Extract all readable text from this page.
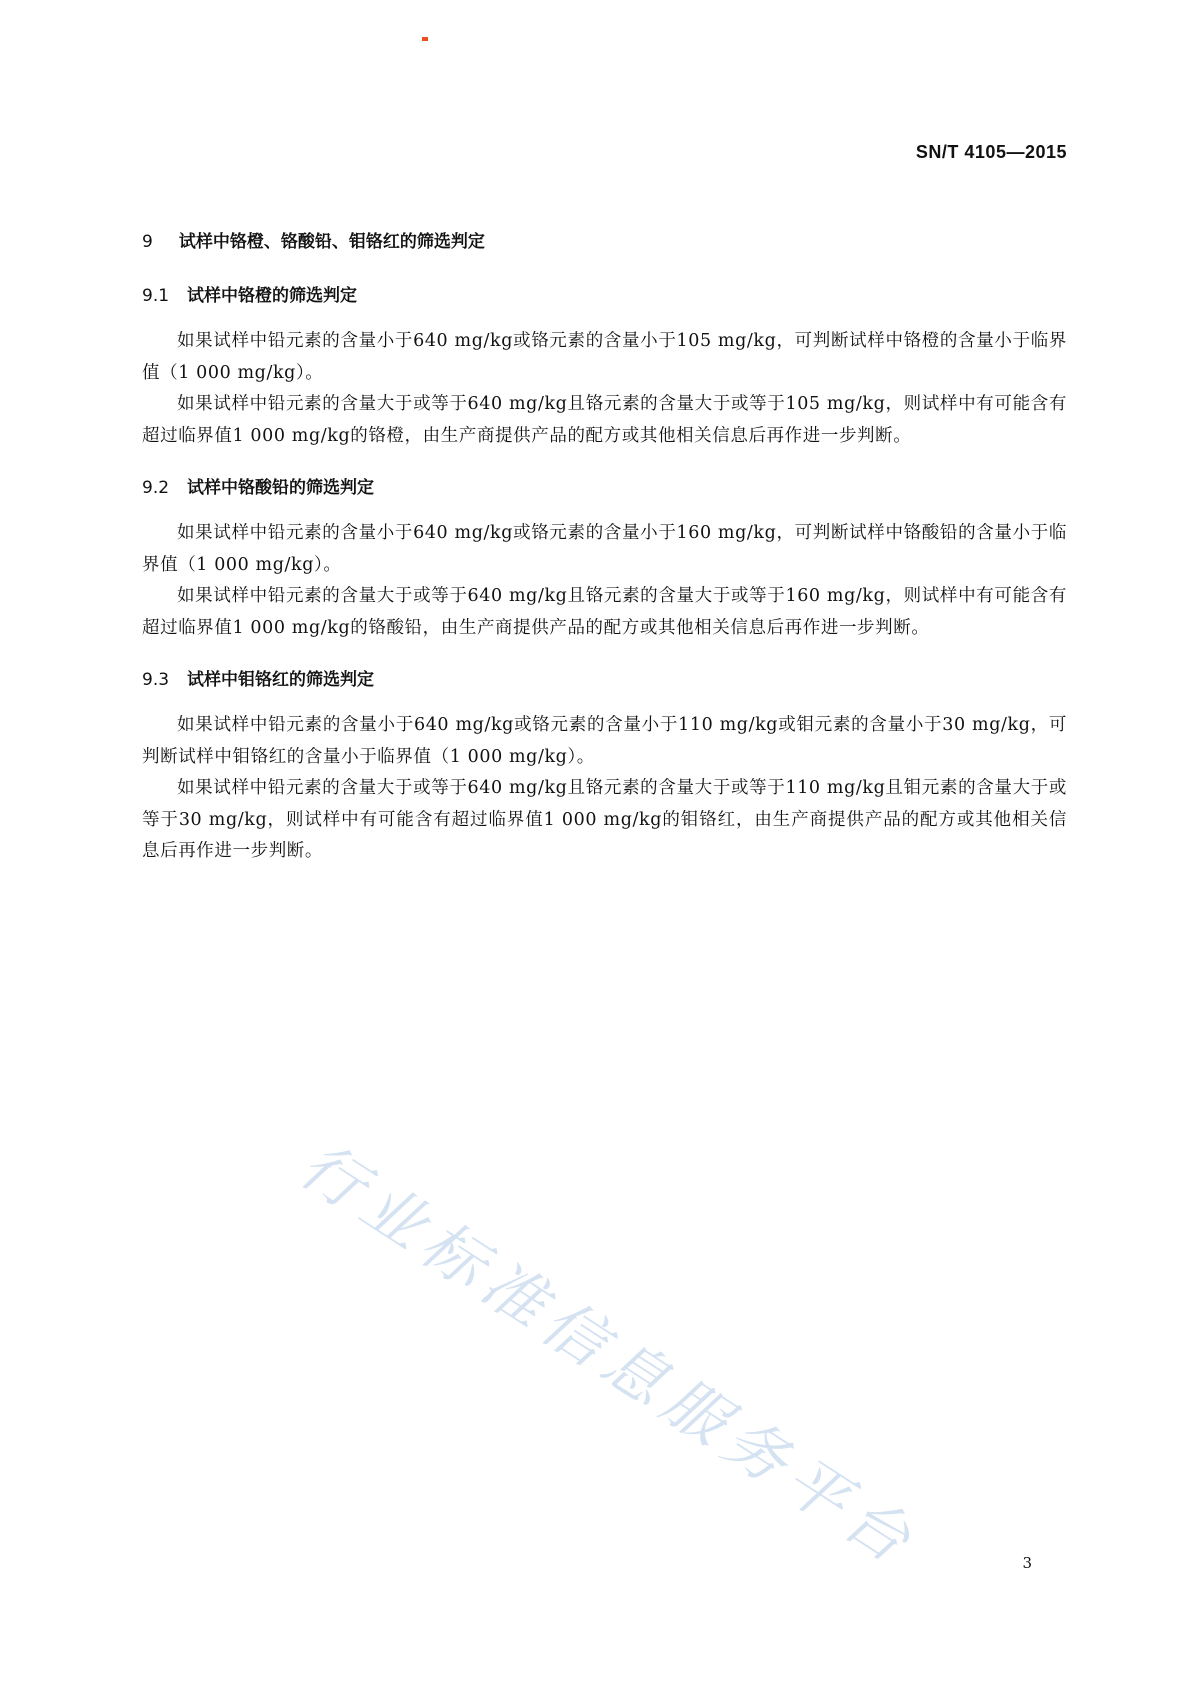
SN/T 4105—2015
9 试样中铬橙、铬酸铅、钼铬红的筛选判定
9.1 试样中铬橙的筛选判定

如果试样中铅元素的含量小于640 mg/kg或铬元素的含量小于105 mg/kg，可判断试样中铬橙的含量小于临界值（1 000 mg/kg）。

如果试样中铅元素的含量大于或等于640 mg/kg且铬元素的含量大于或等于105 mg/kg，则试样中有可能含有超过临界值1 000 mg/kg的铬橙，由生产商提供产品的配方或其他相关信息后再作进一步判断。

9.2 试样中铬酸铅的筛选判定

如果试样中铅元素的含量小于640 mg/kg或铬元素的含量小于160 mg/kg，可判断试样中铬酸铅的含量小于临界值（1 000 mg/kg）。

如果试样中铅元素的含量大于或等于640 mg/kg且铬元素的含量大于或等于160 mg/kg，则试样中有可能含有超过临界值1 000 mg/kg的铬酸铅，由生产商提供产品的配方或其他相关信息后再作进一步判断。

9.3 试样中钼铬红的筛选判定

如果试样中铅元素的含量小于640 mg/kg或铬元素的含量小于110 mg/kg或钼元素的含量小于30 mg/kg，可判断试样中钼铬红的含量小于临界值（1 000 mg/kg）。

如果试样中铅元素的含量大于或等于640 mg/kg且铬元素的含量大于或等于110 mg/kg且钼元素的含量大于或等于30 mg/kg，则试样中有可能含有超过临界值1 000 mg/kg的钼铬红，由生产商提供产品的配方或其他相关信息后再作进一步判断。

行业标准信息服务平台	3
